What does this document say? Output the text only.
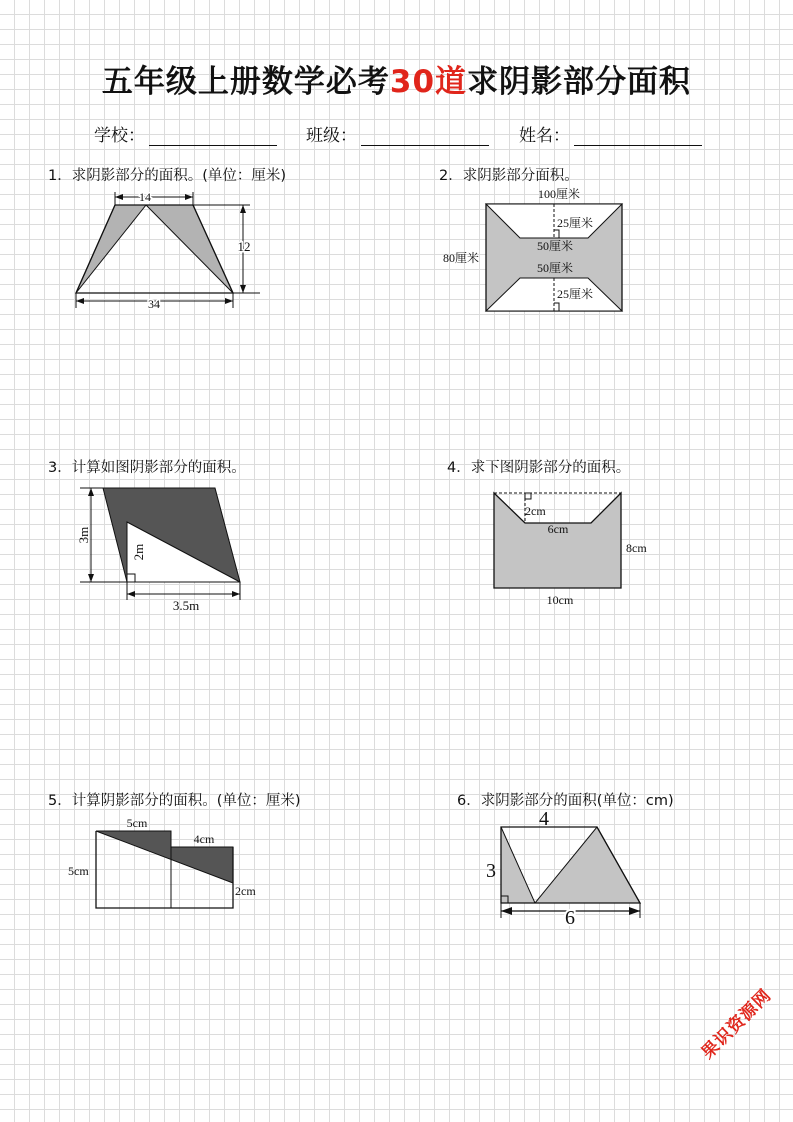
五年级上册数学必考30道求阴影部分面积
学校：	班级：	姓名：
1．求阴影部分的面积。(单位：厘米)
14
12
34
2．求阴影部分面积。
100厘米
25厘米
50厘米
50厘米
25厘米
80厘米
3．计算如图阴影部分的面积。
3m
2m
3.5m
4．求下图阴影部分的面积。
2cm
6cm
8cm
10cm
5．计算阴影部分的面积。(单位：厘米)
5cm
4cm
5cm
2cm
6．求阴影部分的面积(单位：cm)
4
3
6
果识资源网
